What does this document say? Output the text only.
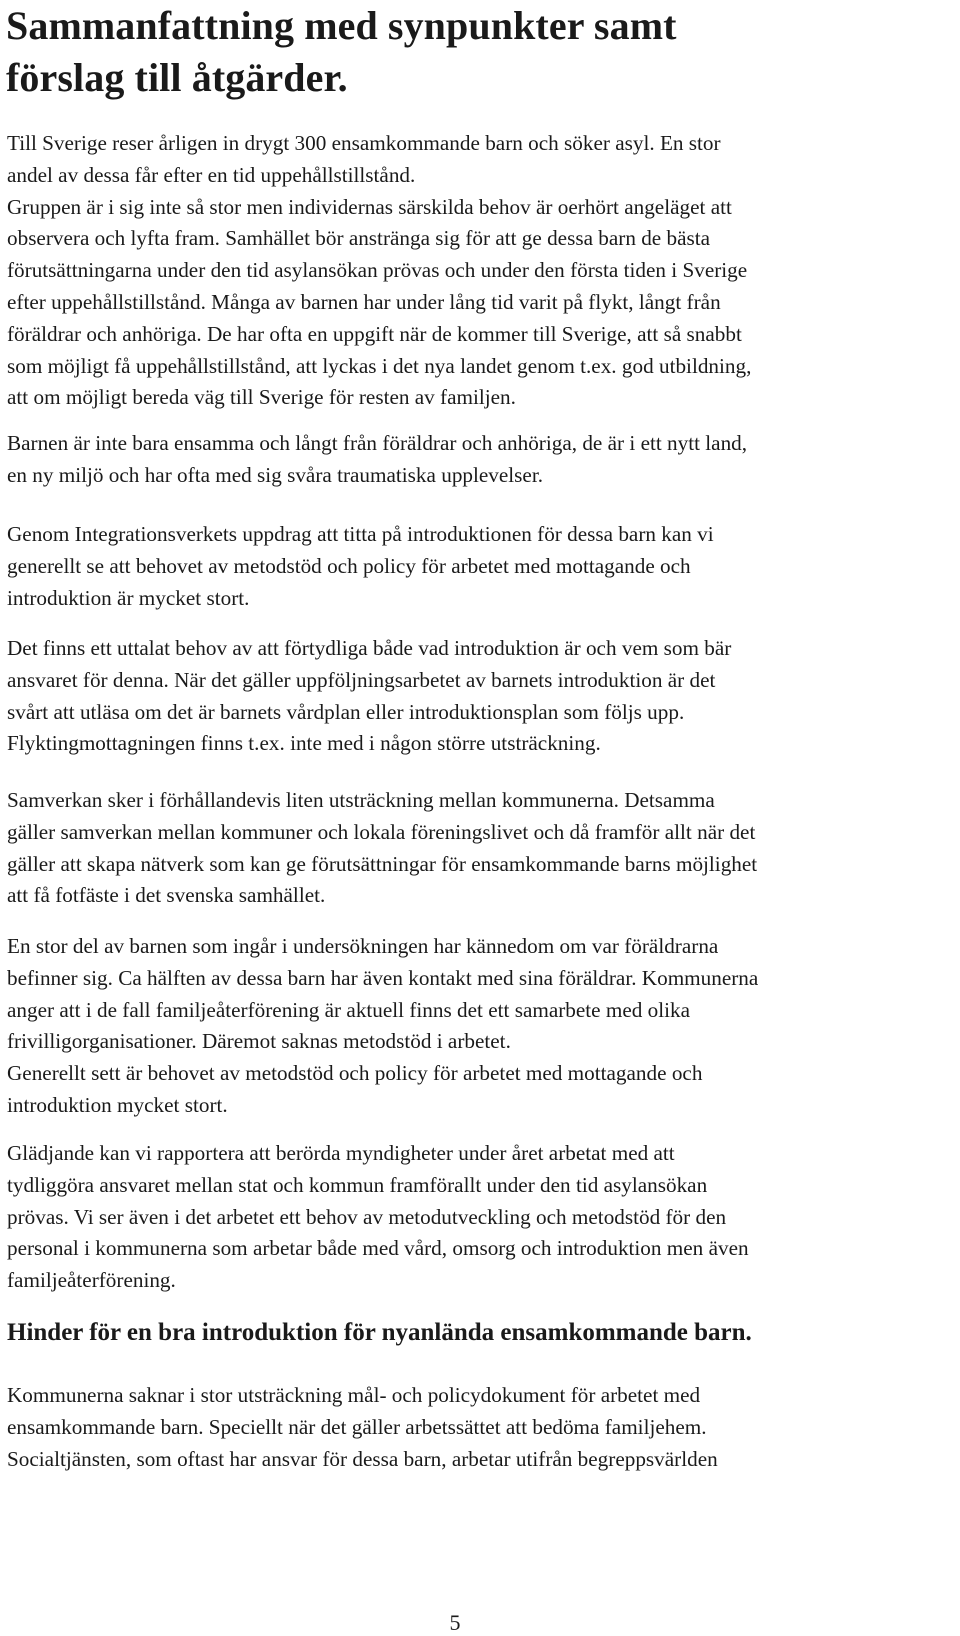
Sammanfattning med synpunkter samt
förslag till åtgärder.

Till Sverige reser årligen in drygt 300 ensamkommande barn och söker asyl. En stor
andel av dessa får efter en tid uppehållstillstånd.
Gruppen är i sig inte så stor men individernas särskilda behov är oerhört angeläget att
observera och lyfta fram. Samhället bör anstränga sig för att ge dessa barn de bästa
förutsättningarna under den tid asylansökan prövas och under den första tiden i Sverige
efter uppehållstillstånd. Många av barnen har under lång tid varit på flykt, långt från
föräldrar och anhöriga. De har ofta en uppgift när de kommer till Sverige, att så snabbt
som möjligt få uppehållstillstånd, att lyckas i det nya landet genom t.ex. god utbildning,
att om möjligt bereda väg till Sverige för resten av familjen.

Barnen är inte bara ensamma och långt från föräldrar och anhöriga, de är i ett nytt land,
en ny miljö och har ofta med sig svåra traumatiska upplevelser.

Genom Integrationsverkets uppdrag att titta på introduktionen för dessa barn kan vi
generellt se att behovet av metodstöd och policy för arbetet med mottagande och
introduktion är mycket stort.

Det finns ett uttalat behov av att förtydliga både vad introduktion är och vem som bär
ansvaret för denna. När det gäller uppföljningsarbetet av barnets introduktion är det
svårt att utläsa om det är barnets vårdplan eller introduktionsplan som följs upp.
Flyktingmottagningen finns t.ex. inte med i någon större utsträckning.

Samverkan sker i förhållandevis liten utsträckning mellan kommunerna. Detsamma
gäller samverkan mellan kommuner och lokala föreningslivet och då framför allt när det
gäller att skapa nätverk som kan ge förutsättningar för ensamkommande barns möjlighet
att få fotfäste i det svenska samhället.

En stor del av barnen som ingår i undersökningen har kännedom om var föräldrarna
befinner sig. Ca hälften av dessa barn har även kontakt med sina föräldrar. Kommunerna
anger att i de fall familjeåterförening är aktuell finns det ett samarbete med olika
frivilligorganisationer. Däremot saknas metodstöd i arbetet.
Generellt sett är behovet av metodstöd och policy för arbetet med mottagande och
introduktion mycket stort.

Glädjande kan vi rapportera att berörda myndigheter under året arbetat med att
tydliggöra ansvaret mellan stat och kommun framförallt under den tid asylansökan
prövas. Vi ser även i det arbetet ett behov av metodutveckling och metodstöd för den
personal i kommunerna som arbetar både med vård, omsorg och introduktion men även
familjeåterförening.

Hinder för en bra introduktion för nyanlända ensamkommande barn.

Kommunerna saknar i stor utsträckning mål- och policydokument för arbetet med
ensamkommande barn. Speciellt när det gäller arbetssättet att bedöma familjehem.
Socialtjänsten, som oftast har ansvar för dessa barn, arbetar utifrån begreppsvärlden

5
